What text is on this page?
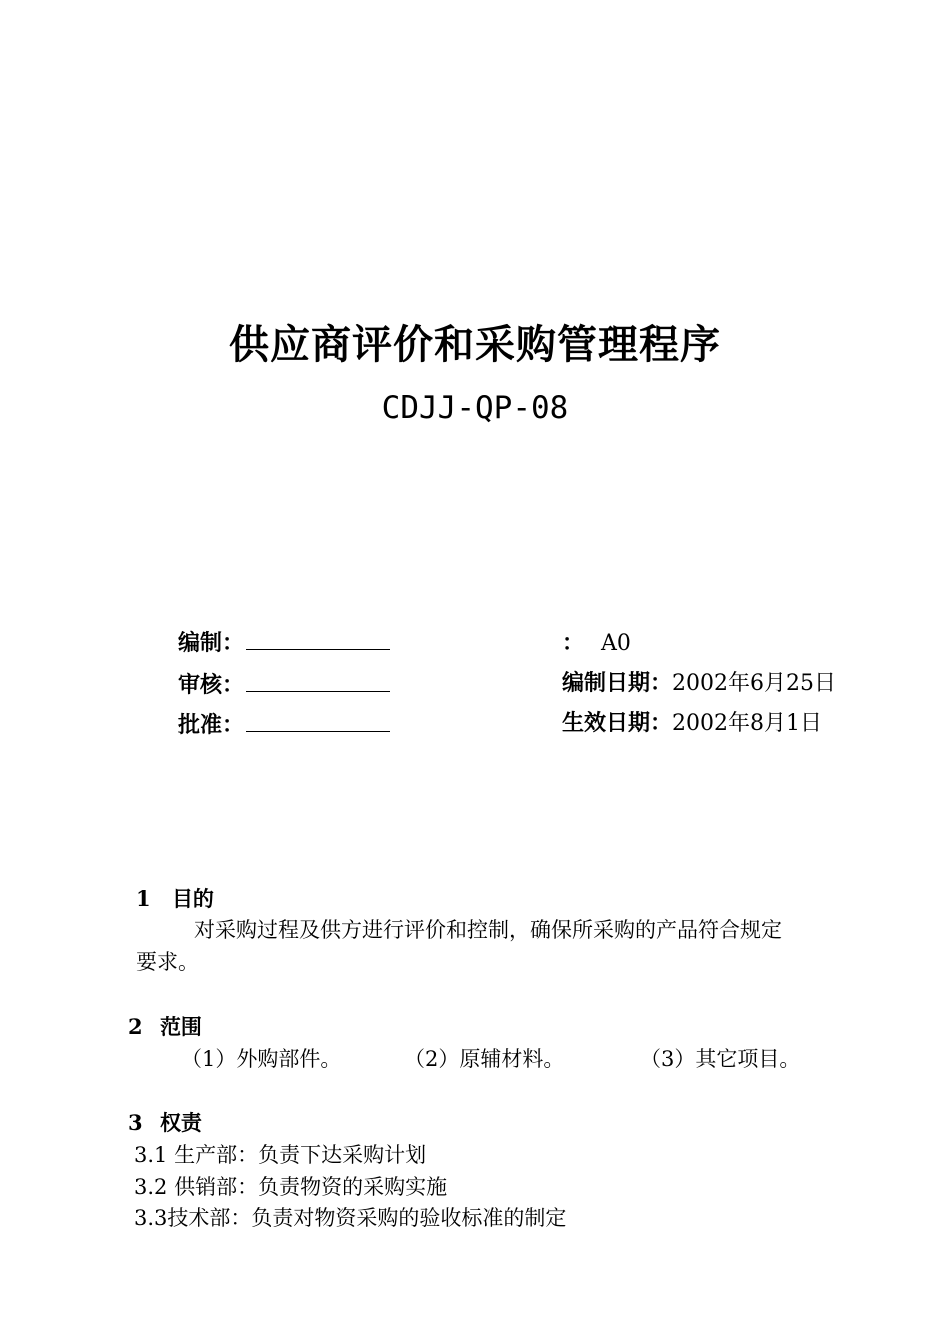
供应商评价和采购管理程序
CDJJ-QP-08
编制：
审核：
批准：
： A0
编制日期：2002年6月25日
生效日期：2002年8月1日
1 目的
对采购过程及供方进行评价和控制，确保所采购的产品符合规定
要求。
2 范围
（1）外购部件。	（2）原辅材料。	（3）其它项目。
3 权责
3.1 生产部：负责下达采购计划
3.2 供销部：负责物资的采购实施
3.3技术部：负责对物资采购的验收标准的制定
